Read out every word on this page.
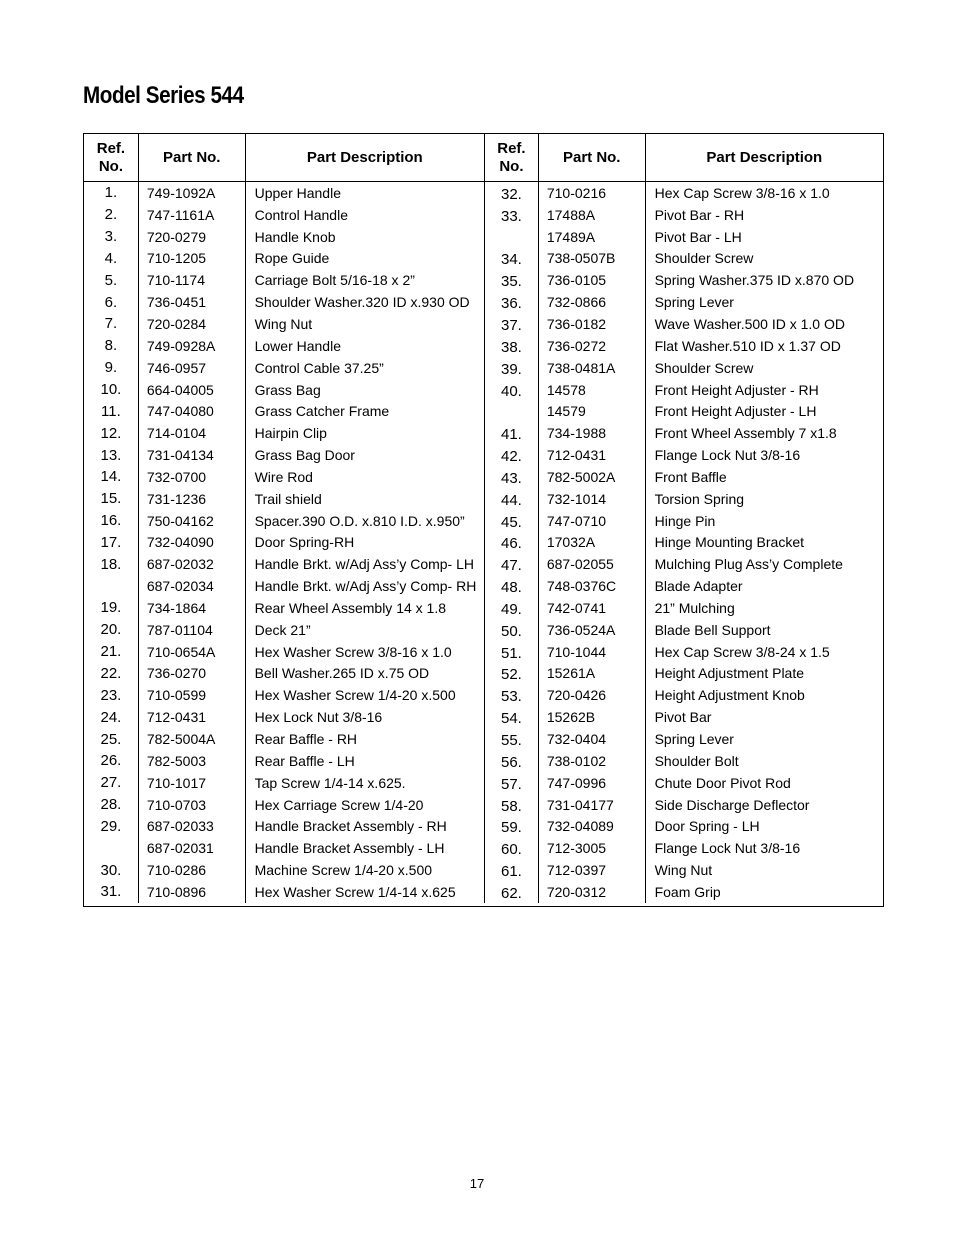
Model Series 544
Ref. No.
Part No.	Part Description
Ref. No.
Part No.	Part Description
1.
2.
3.
4.
5.
6.
7.
8.
9.
10.
11.
12.
13.
14.
15.
16.
17.
18.
19.
20.
21.
22.
23.
24.
25.
26.
27.
28.
29.
30.
31.
749-1092A
747-1161A
720-0279
710-1205
710-1174
736-0451
720-0284
749-0928A
746-0957
664-04005
747-04080
714-0104
731-04134
732-0700
731-1236
750-04162
732-04090
687-02032
687-02034
734-1864
787-01104
710-0654A
736-0270
710-0599
712-0431
782-5004A
782-5003
710-1017
710-0703
687-02033
687-02031
710-0286
710-0896
Upper Handle
Control Handle
Handle Knob
Rope Guide
Carriage Bolt 5/16-18 x 2”
Shoulder Washer.320 ID x.930 OD
Wing Nut
Lower Handle
Control Cable 37.25”
Grass Bag
Grass Catcher Frame
Hairpin Clip
Grass Bag Door
Wire Rod
Trail shield
Spacer.390 O.D. x.810 I.D. x.950”
Door Spring-RH
Handle Brkt. w/Adj Ass’y Comp- LH
Handle Brkt. w/Adj Ass’y Comp- RH
Rear Wheel Assembly 14 x 1.8
Deck 21”
Hex Washer Screw 3/8-16 x 1.0
Bell Washer.265 ID x.75 OD
Hex Washer Screw 1/4-20 x.500
Hex Lock Nut 3/8-16
Rear Baffle - RH
Rear Baffle - LH
Tap Screw 1/4-14 x.625.
Hex Carriage Screw 1/4-20
Handle Bracket Assembly - RH
Handle Bracket Assembly - LH
Machine Screw 1/4-20 x.500
Hex Washer Screw 1/4-14 x.625
32.
33.
34.
35.
36.
37.
38.
39.
40.
41.
42.
43.
44.
45.
46.
47.
48.
49.
50.
51.
52.
53.
54.
55.
56.
57.
58.
59.
60.
61.
62.
710-0216
17488A
17489A
738-0507B
736-0105
732-0866
736-0182
736-0272
738-0481A
14578
14579
734-1988
712-0431
782-5002A
732-1014
747-0710
17032A
687-02055
748-0376C
742-0741
736-0524A
710-1044
15261A
720-0426
15262B
732-0404
738-0102
747-0996
731-04177
732-04089
712-3005
712-0397
720-0312
Hex Cap Screw 3/8-16 x 1.0
Pivot Bar - RH
Pivot Bar - LH
Shoulder Screw
Spring Washer.375 ID x.870 OD
Spring Lever
Wave Washer.500 ID x 1.0 OD
Flat Washer.510 ID x 1.37 OD
Shoulder Screw
Front Height Adjuster - RH
Front Height Adjuster - LH
Front Wheel Assembly 7 x1.8
Flange Lock Nut 3/8-16
Front Baffle
Torsion Spring
Hinge Pin
Hinge Mounting Bracket
Mulching Plug Ass’y Complete
Blade Adapter
21” Mulching
Blade Bell Support
Hex Cap Screw 3/8-24 x 1.5
Height Adjustment Plate
Height Adjustment Knob
Pivot Bar
Spring Lever
Shoulder Bolt
Chute Door Pivot Rod
Side Discharge Deflector
Door Spring - LH
Flange Lock Nut 3/8-16
Wing Nut
Foam Grip
17
